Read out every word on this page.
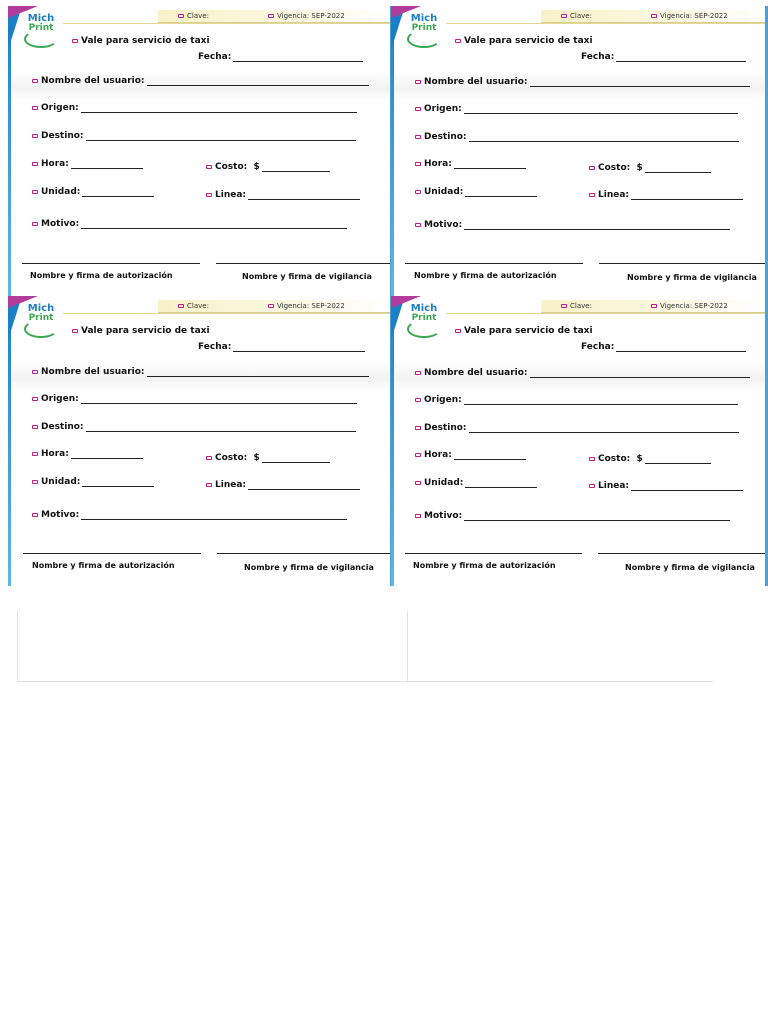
Clave:	Vigencia: SEP-2022
Mich
Print
Vale para servicio de taxi
Fecha:
Nombre del usuario:
Origen:
Destino:
Hora:	Costo: $
Unidad:	Linea:
Motivo:
Nombre y firma de autorización	Nombre y firma de vigilancia
Clave:	Vigencia: SEP-2022
Mich
Print
Vale para servicio de taxi
Fecha:
Nombre del usuario:
Origen:
Destino:
Hora:	Costo: $
Unidad:	Linea:
Motivo:
Nombre y firma de autorización	Nombre y firma de vigilancia
Clave:	Vigencia: SEP-2022
Mich
Print
Vale para servicio de taxi
Fecha:
Nombre del usuario:
Origen:
Destino:
Hora:	Costo: $
Unidad:	Linea:
Motivo:
Nombre y firma de autorización	Nombre y firma de vigilancia
Clave:	Vigencia: SEP-2022
Mich
Print
Vale para servicio de taxi
Fecha:
Nombre del usuario:
Origen:
Destino:
Hora:	Costo: $
Unidad:	Linea:
Motivo:
Nombre y firma de autorización	Nombre y firma de vigilancia
